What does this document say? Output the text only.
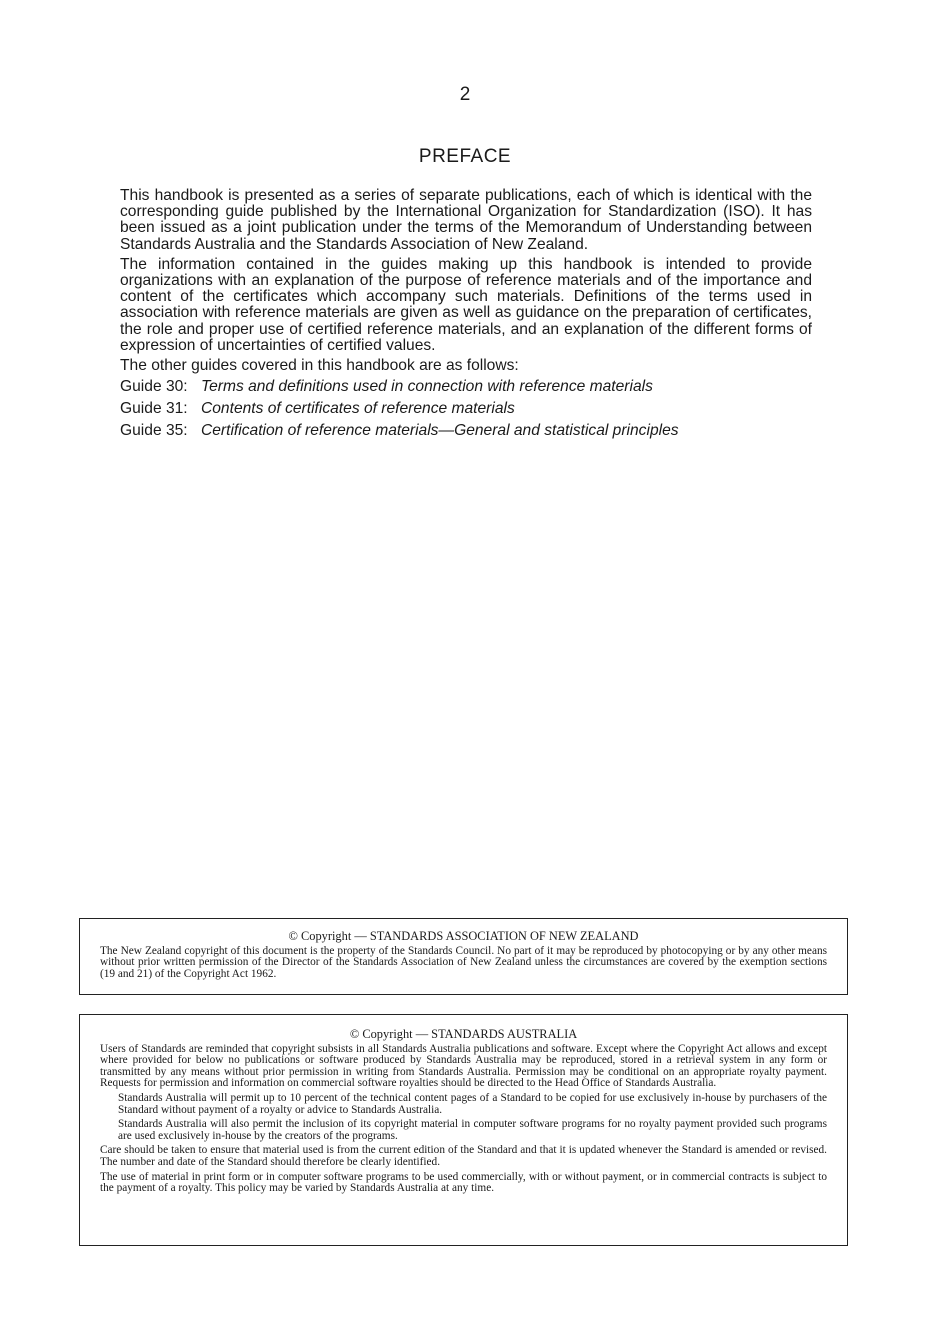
2
PREFACE

This handbook is presented as a series of separate publications, each of which is identical with the corresponding guide published by the International Organization for Standardization (ISO). It has been issued as a joint publication under the terms of the Memorandum of Understanding between Standards Australia and the Standards Association of New Zealand.

The information contained in the guides making up this handbook is intended to provide organizations with an explanation of the purpose of reference materials and of the importance and content of the certificates which accompany such materials. Definitions of the terms used in association with reference materials are given as well as guidance on the preparation of certificates, the role and proper use of certified reference materials, and an explanation of the different forms of expression of uncertainties of certified values.

The other guides covered in this handbook are as follows:
Guide 30: Terms and definitions used in connection with reference materials
Guide 31: Contents of certificates of reference materials
Guide 35: Certification of reference materials—General and statistical principles
© Copyright — STANDARDS ASSOCIATION OF NEW ZEALAND

The New Zealand copyright of this document is the property of the Standards Council. No part of it may be reproduced by photocopying or by any other means without prior written permission of the Director of the Standards Association of New Zealand unless the circumstances are covered by the exemption sections (19 and 21) of the Copyright Act 1962.

© Copyright — STANDARDS AUSTRALIA

Users of Standards are reminded that copyright subsists in all Standards Australia publications and software. Except where the Copyright Act allows and except where provided for below no publications or software produced by Standards Australia may be reproduced, stored in a retrieval system in any form or transmitted by any means without prior permission in writing from Standards Australia. Permission may be conditional on an appropriate royalty payment. Requests for permission and information on commercial software royalties should be directed to the Head Office of Standards Australia.

Standards Australia will permit up to 10 percent of the technical content pages of a Standard to be copied for use exclusively in-house by purchasers of the Standard without payment of a royalty or advice to Standards Australia.

Standards Australia will also permit the inclusion of its copyright material in computer software programs for no royalty payment provided such programs are used exclusively in-house by the creators of the programs.

Care should be taken to ensure that material used is from the current edition of the Standard and that it is updated whenever the Standard is amended or revised. The number and date of the Standard should therefore be clearly identified.

The use of material in print form or in computer software programs to be used commercially, with or without payment, or in commercial contracts is subject to the payment of a royalty. This policy may be varied by Standards Australia at any time.
